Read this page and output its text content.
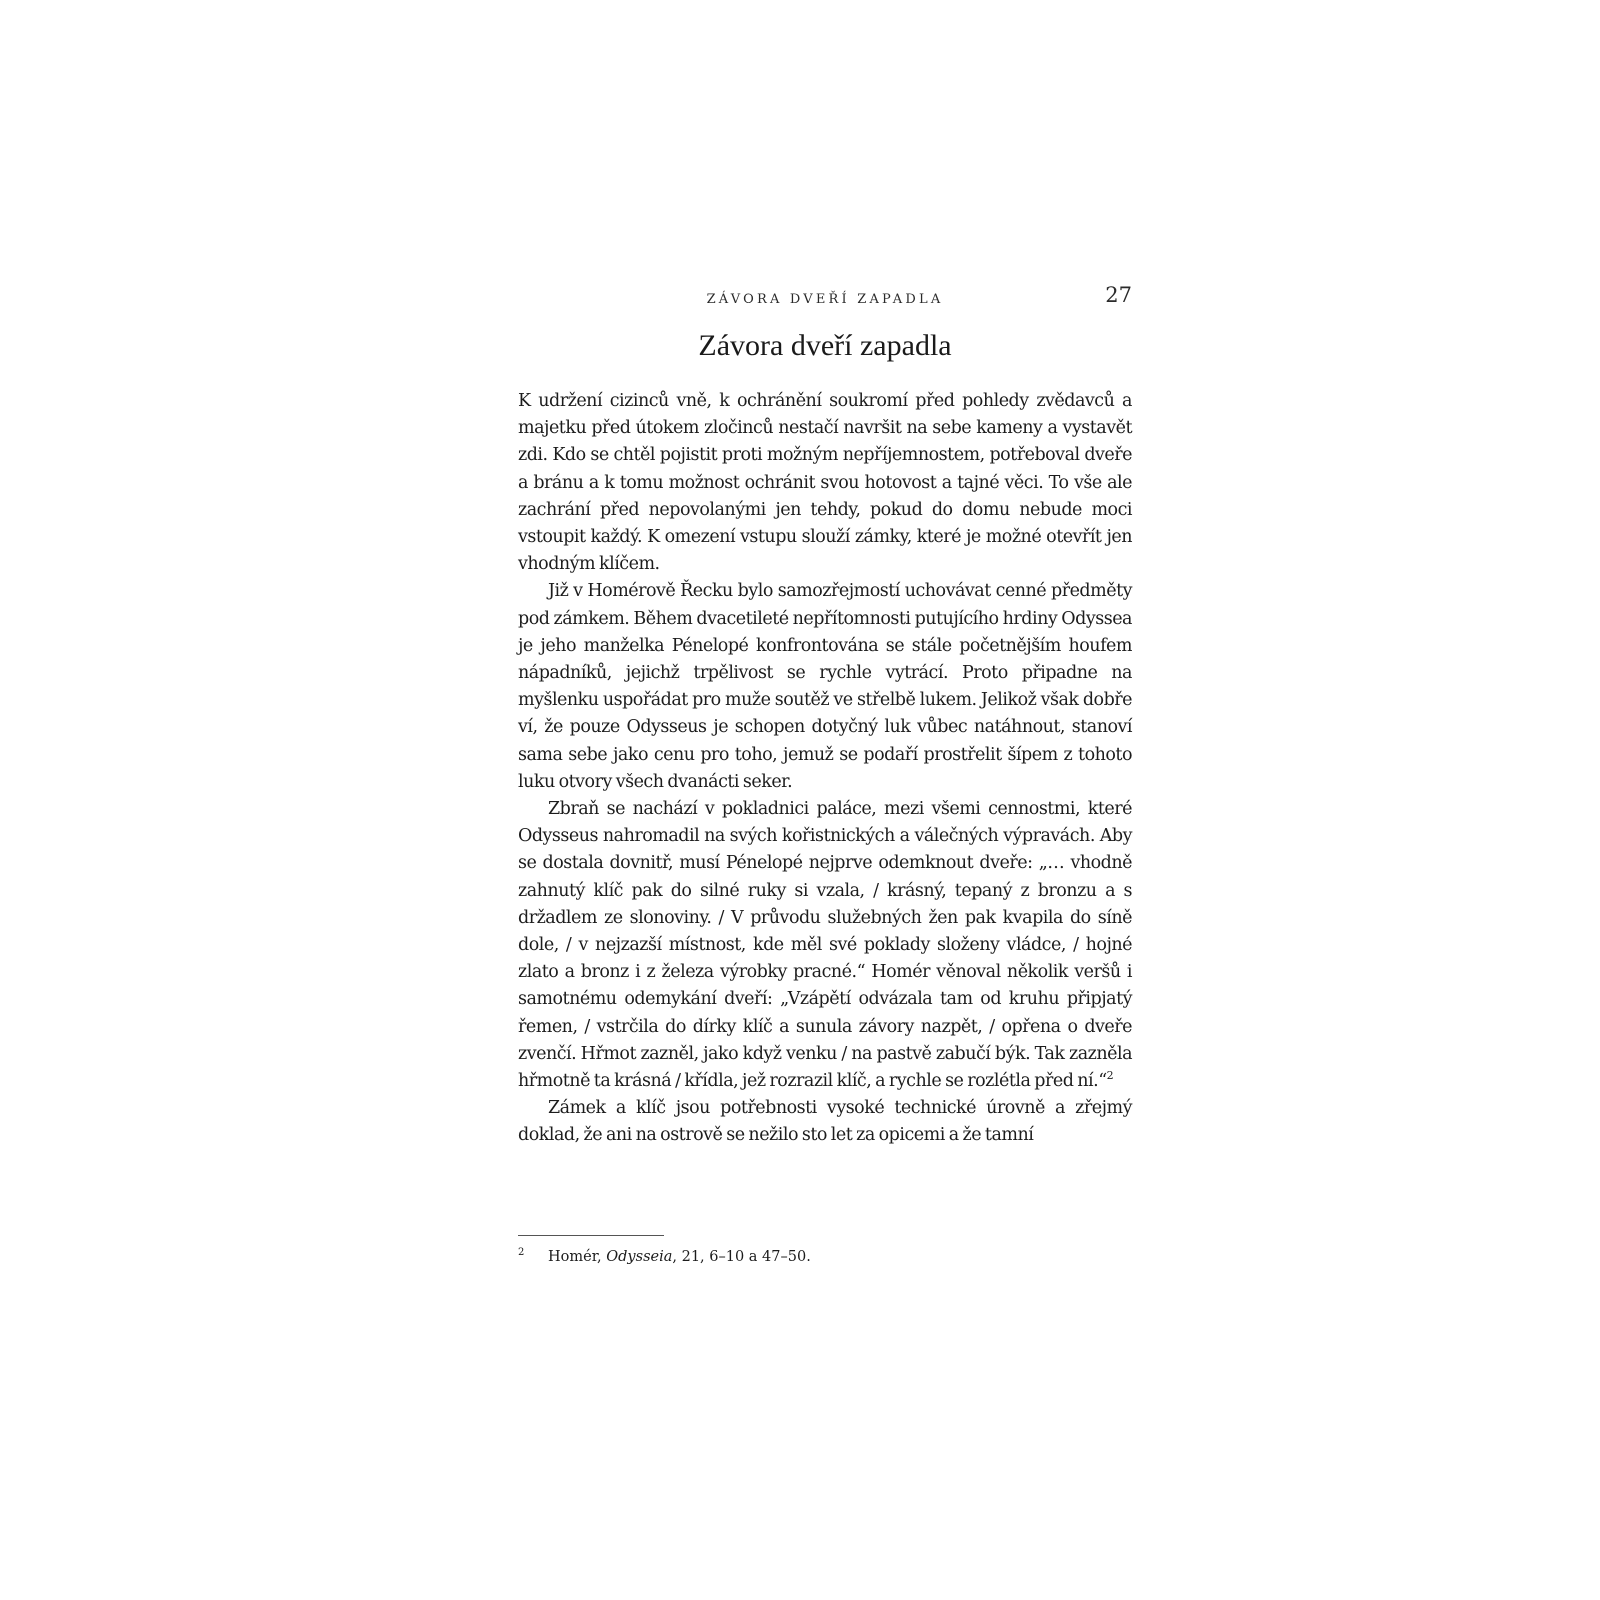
ZÁVORA DVEŘÍ ZAPADLA	27
Závora dveří zapadla

K udržení cizinců vně, k ochránění soukromí před pohledy zvědavců a majetku před útokem zločinců nestačí navršit na sebe kameny a vystavět zdi. Kdo se chtěl pojistit proti možným nepříjemnostem, potřeboval dveře a bránu a k tomu možnost ochránit svou hotovost a tajné věci. To vše ale zachrání před nepovolanými jen tehdy, pokud do domu nebude moci vstoupit každý. K omezení vstupu slouží zámky, které je možné otevřít jen vhodným klíčem.

Již v Homérově Řecku bylo samozřejmostí uchovávat cenné předměty pod zámkem. Během dvacetileté nepřítomnosti putujícího hrdiny Odyssea je jeho manželka Pénelopé konfrontována se stále početnějším houfem nápadníků, jejichž trpělivost se rychle vytrácí. Proto připadne na myšlenku uspořádat pro muže soutěž ve střelbě lukem. Jelikož však dobře ví, že pouze Odysseus je schopen dotyčný luk vůbec natáhnout, stanoví sama sebe jako cenu pro toho, jemuž se podaří prostřelit šípem z tohoto luku otvory všech dvanácti seker.

Zbraň se nachází v pokladnici paláce, mezi všemi cennostmi, které Odysseus nahromadil na svých kořistnických a válečných výpravách. Aby se dostala dovnitř, musí Pénelopé nejprve odemknout dveře: „… vhodně zahnutý klíč pak do silné ruky si vzala, / krásný, tepaný z bronzu a s držadlem ze slonoviny. / V průvodu služebných žen pak kvapila do síně dole, / v nejzazší místnost, kde měl své poklady složeny vládce, / hojné zlato a bronz i z železa výrobky pracné.“ Homér věnoval několik veršů i samotnému odemykání dveří: „Vzápětí odvázala tam od kruhu připjatý řemen, / vstrčila do dírky klíč a sunula závory nazpět, / opřena o dveře zvenčí. Hřmot zazněl, jako když venku / na pastvě zabučí býk. Tak zazněla hřmotně ta krásná / křídla, jež rozrazil klíč, a rychle se rozlétla před ní.“$^2$

Zámek a klíč jsou potřebnosti vysoké technické úrovně a zřejmý doklad, že ani na ostrově se nežilo sto let za opicemi a že tamní

2 Homér, Odysseia, 21, 6–10 a 47–50.
